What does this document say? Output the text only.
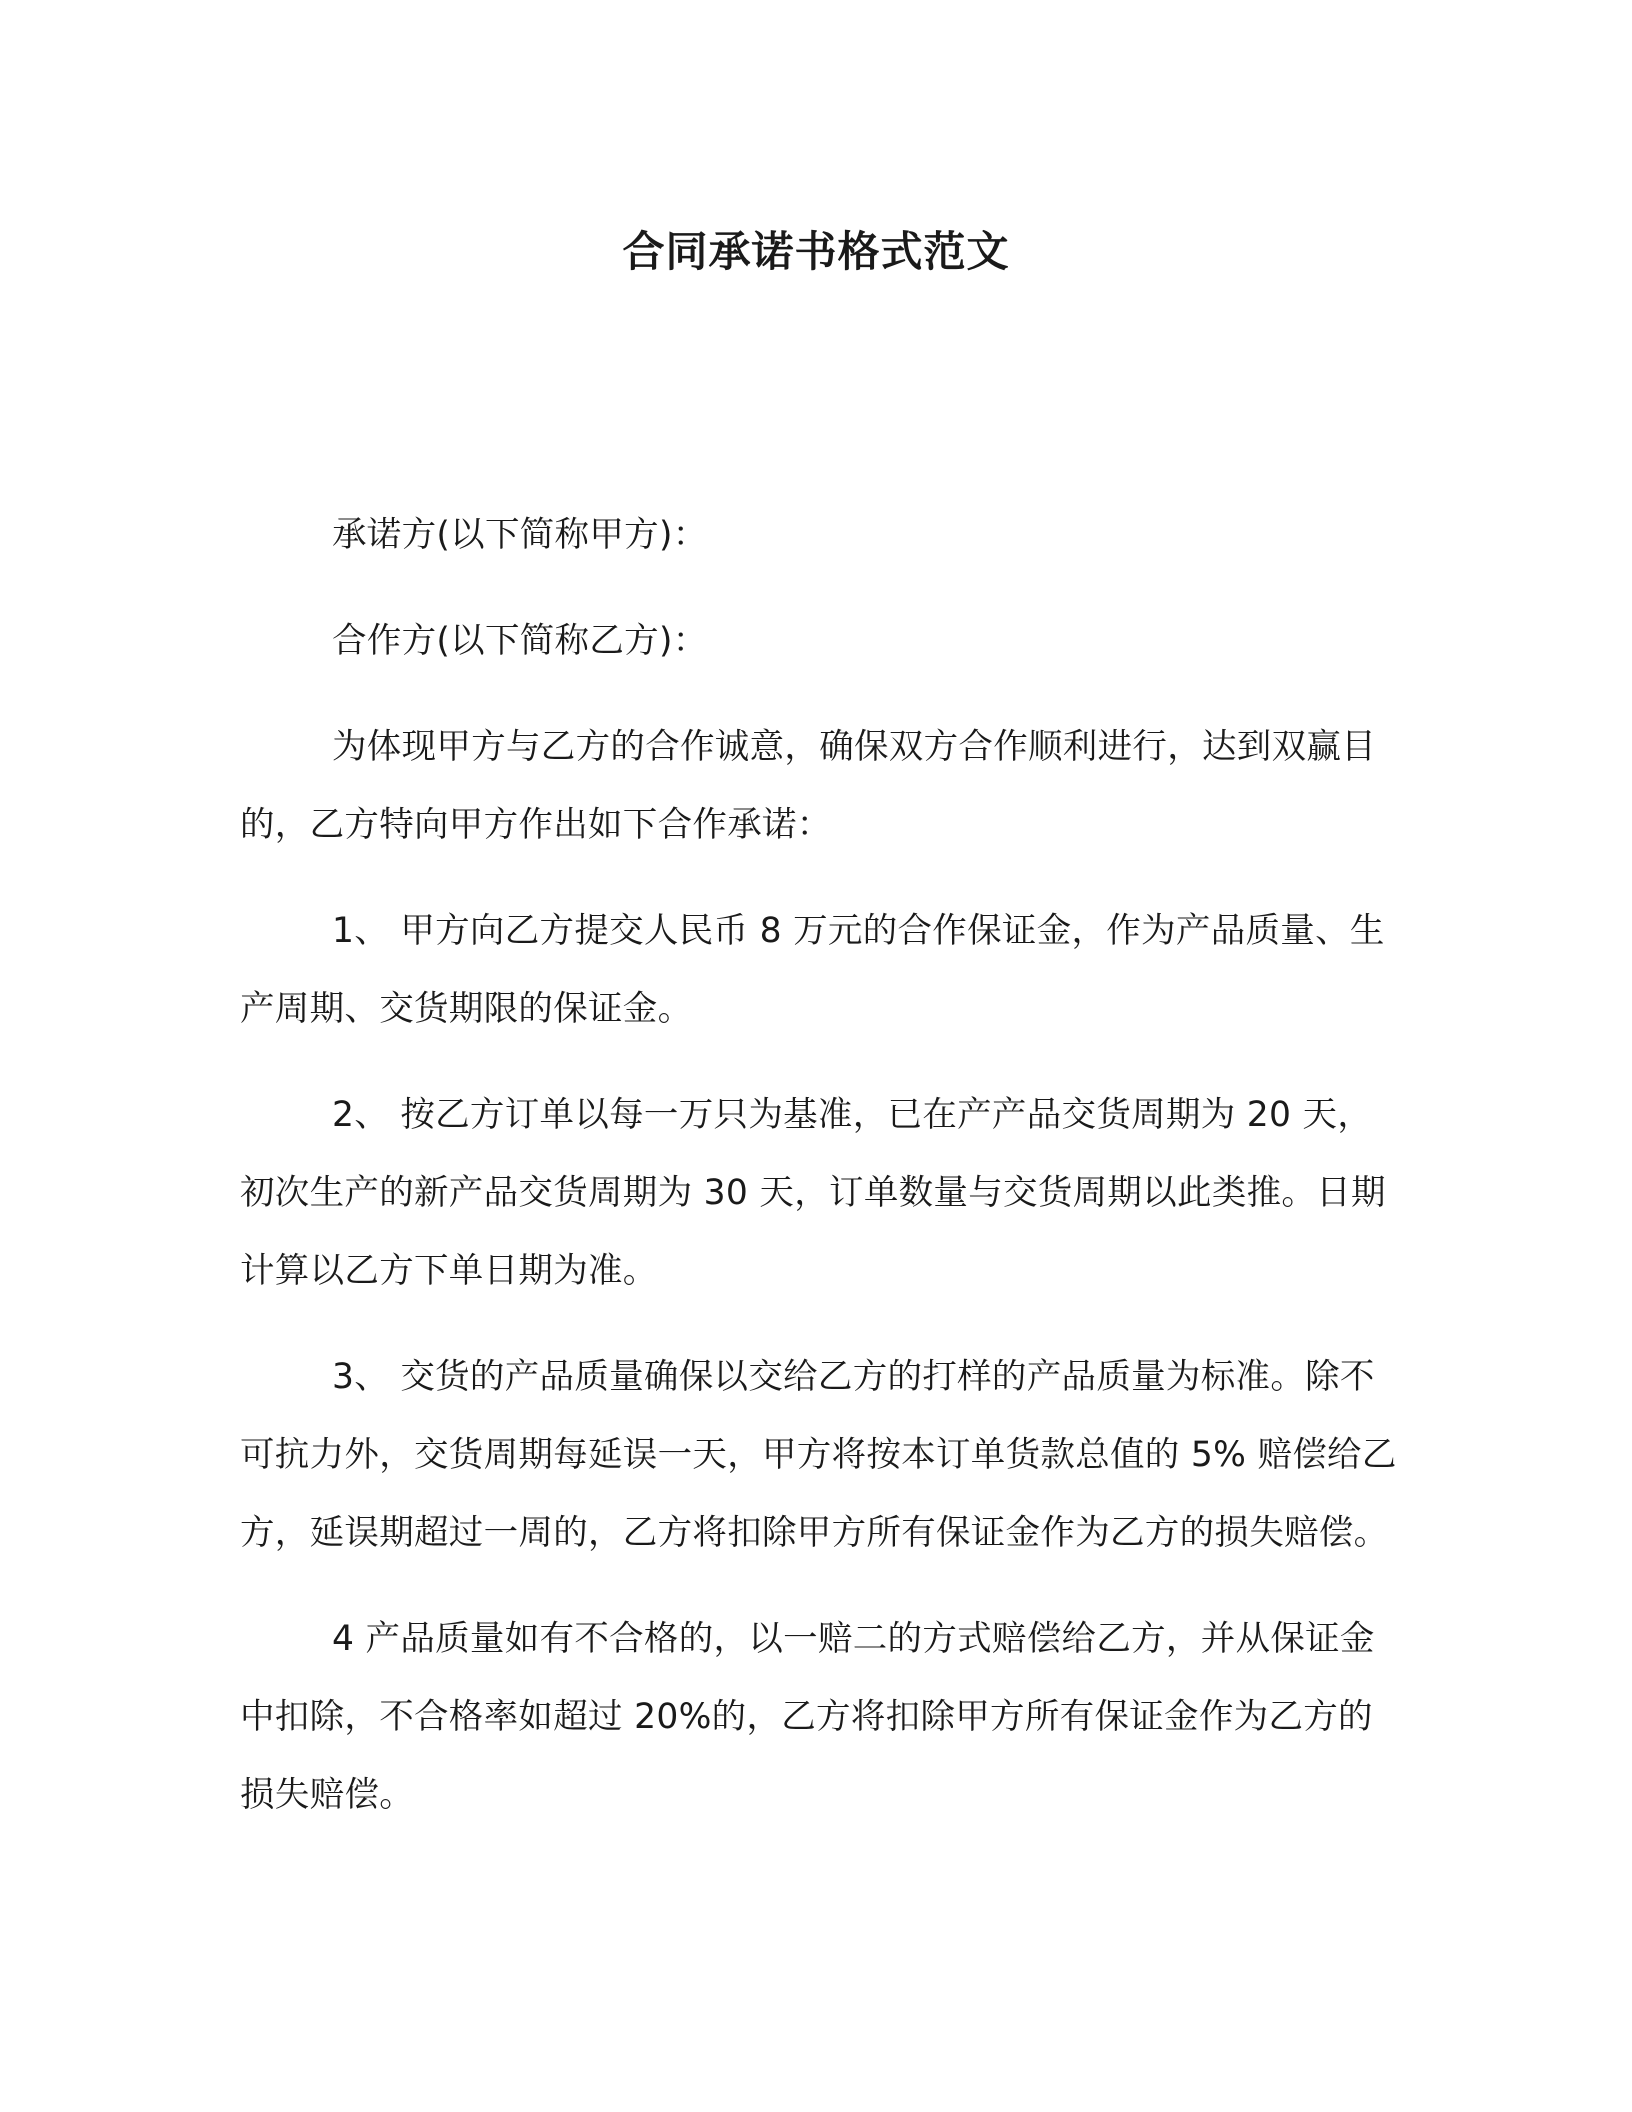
合同承诺书格式范文

承诺方(以下简称甲方)：

合作方(以下简称乙方)：

为体现甲方与乙方的合作诚意，确保双方合作顺利进行，达到双赢目的，乙方特向甲方作出如下合作承诺：

1、 甲方向乙方提交人民币 8 万元的合作保证金，作为产品质量、生产周期、交货期限的保证金。

2、 按乙方订单以每一万只为基准，已在产产品交货周期为 20 天，初次生产的新产品交货周期为 30 天，订单数量与交货周期以此类推。日期计算以乙方下单日期为准。

3、 交货的产品质量确保以交给乙方的打样的产品质量为标准。除不可抗力外，交货周期每延误一天，甲方将按本订单货款总值的 5% 赔偿给乙方，延误期超过一周的，乙方将扣除甲方所有保证金作为乙方的损失赔偿。

4 产品质量如有不合格的，以一赔二的方式赔偿给乙方，并从保证金中扣除，不合格率如超过 20%的，乙方将扣除甲方所有保证金作为乙方的损失赔偿。
